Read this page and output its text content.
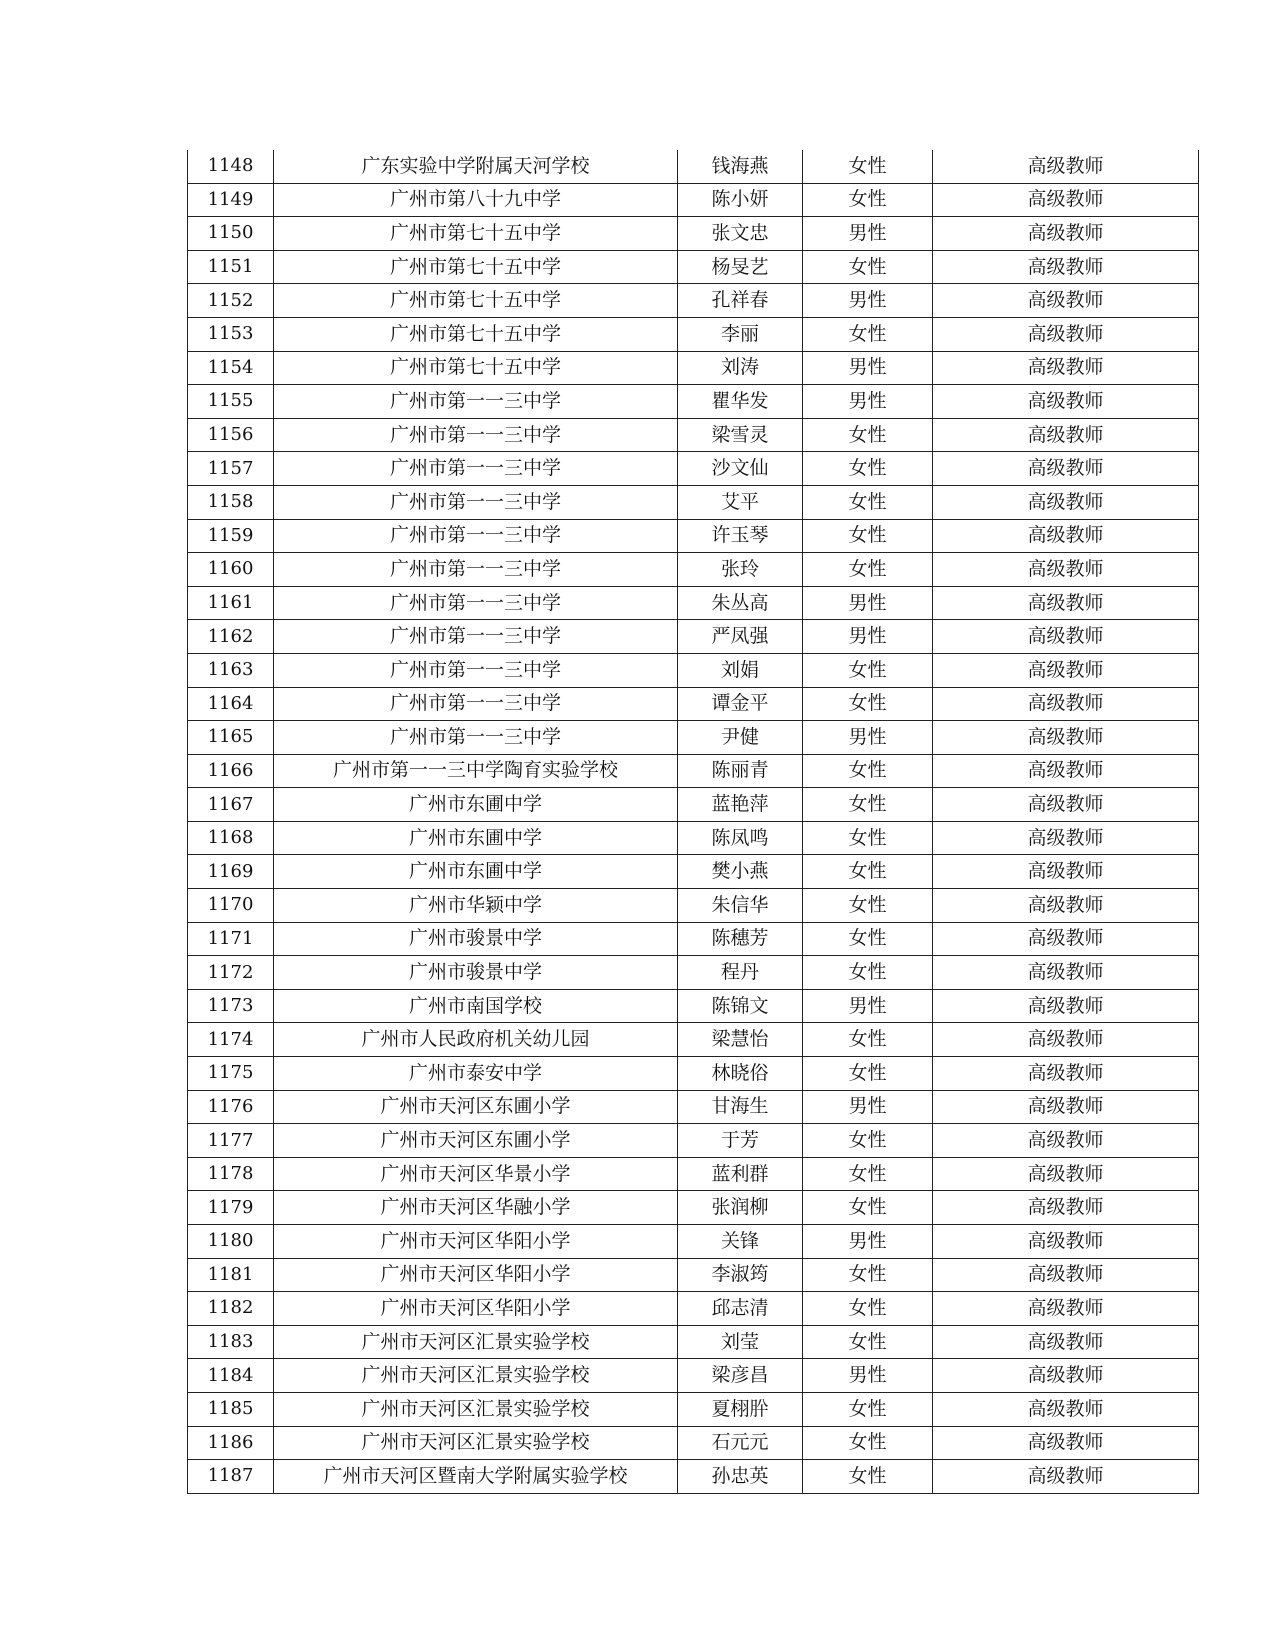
1148	广东实验中学附属天河学校	钱海燕	女性	高级教师
1149	广州市第八十九中学	陈小妍	女性	高级教师
1150	广州市第七十五中学	张文忠	男性	高级教师
1151	广州市第七十五中学	杨旻艺	女性	高级教师
1152	广州市第七十五中学	孔祥春	男性	高级教师
1153	广州市第七十五中学	李丽	女性	高级教师
1154	广州市第七十五中学	刘涛	男性	高级教师
1155	广州市第一一三中学	瞿华发	男性	高级教师
1156	广州市第一一三中学	梁雪灵	女性	高级教师
1157	广州市第一一三中学	沙文仙	女性	高级教师
1158	广州市第一一三中学	艾平	女性	高级教师
1159	广州市第一一三中学	许玉琴	女性	高级教师
1160	广州市第一一三中学	张玲	女性	高级教师
1161	广州市第一一三中学	朱丛高	男性	高级教师
1162	广州市第一一三中学	严凤强	男性	高级教师
1163	广州市第一一三中学	刘娟	女性	高级教师
1164	广州市第一一三中学	谭金平	女性	高级教师
1165	广州市第一一三中学	尹健	男性	高级教师
1166	广州市第一一三中学陶育实验学校	陈丽青	女性	高级教师
1167	广州市东圃中学	蓝艳萍	女性	高级教师
1168	广州市东圃中学	陈凤鸣	女性	高级教师
1169	广州市东圃中学	樊小燕	女性	高级教师
1170	广州市华颖中学	朱信华	女性	高级教师
1171	广州市骏景中学	陈穗芳	女性	高级教师
1172	广州市骏景中学	程丹	女性	高级教师
1173	广州市南国学校	陈锦文	男性	高级教师
1174	广州市人民政府机关幼儿园	梁慧怡	女性	高级教师
1175	广州市泰安中学	林晓俗	女性	高级教师
1176	广州市天河区东圃小学	甘海生	男性	高级教师
1177	广州市天河区东圃小学	于芳	女性	高级教师
1178	广州市天河区华景小学	蓝利群	女性	高级教师
1179	广州市天河区华融小学	张润柳	女性	高级教师
1180	广州市天河区华阳小学	关锋	男性	高级教师
1181	广州市天河区华阳小学	李淑筠	女性	高级教师
1182	广州市天河区华阳小学	邱志清	女性	高级教师
1183	广州市天河区汇景实验学校	刘莹	女性	高级教师
1184	广州市天河区汇景实验学校	梁彦昌	男性	高级教师
1185	广州市天河区汇景实验学校	夏栩肸	女性	高级教师
1186	广州市天河区汇景实验学校	石元元	女性	高级教师
1187	广州市天河区暨南大学附属实验学校	孙忠英	女性	高级教师
